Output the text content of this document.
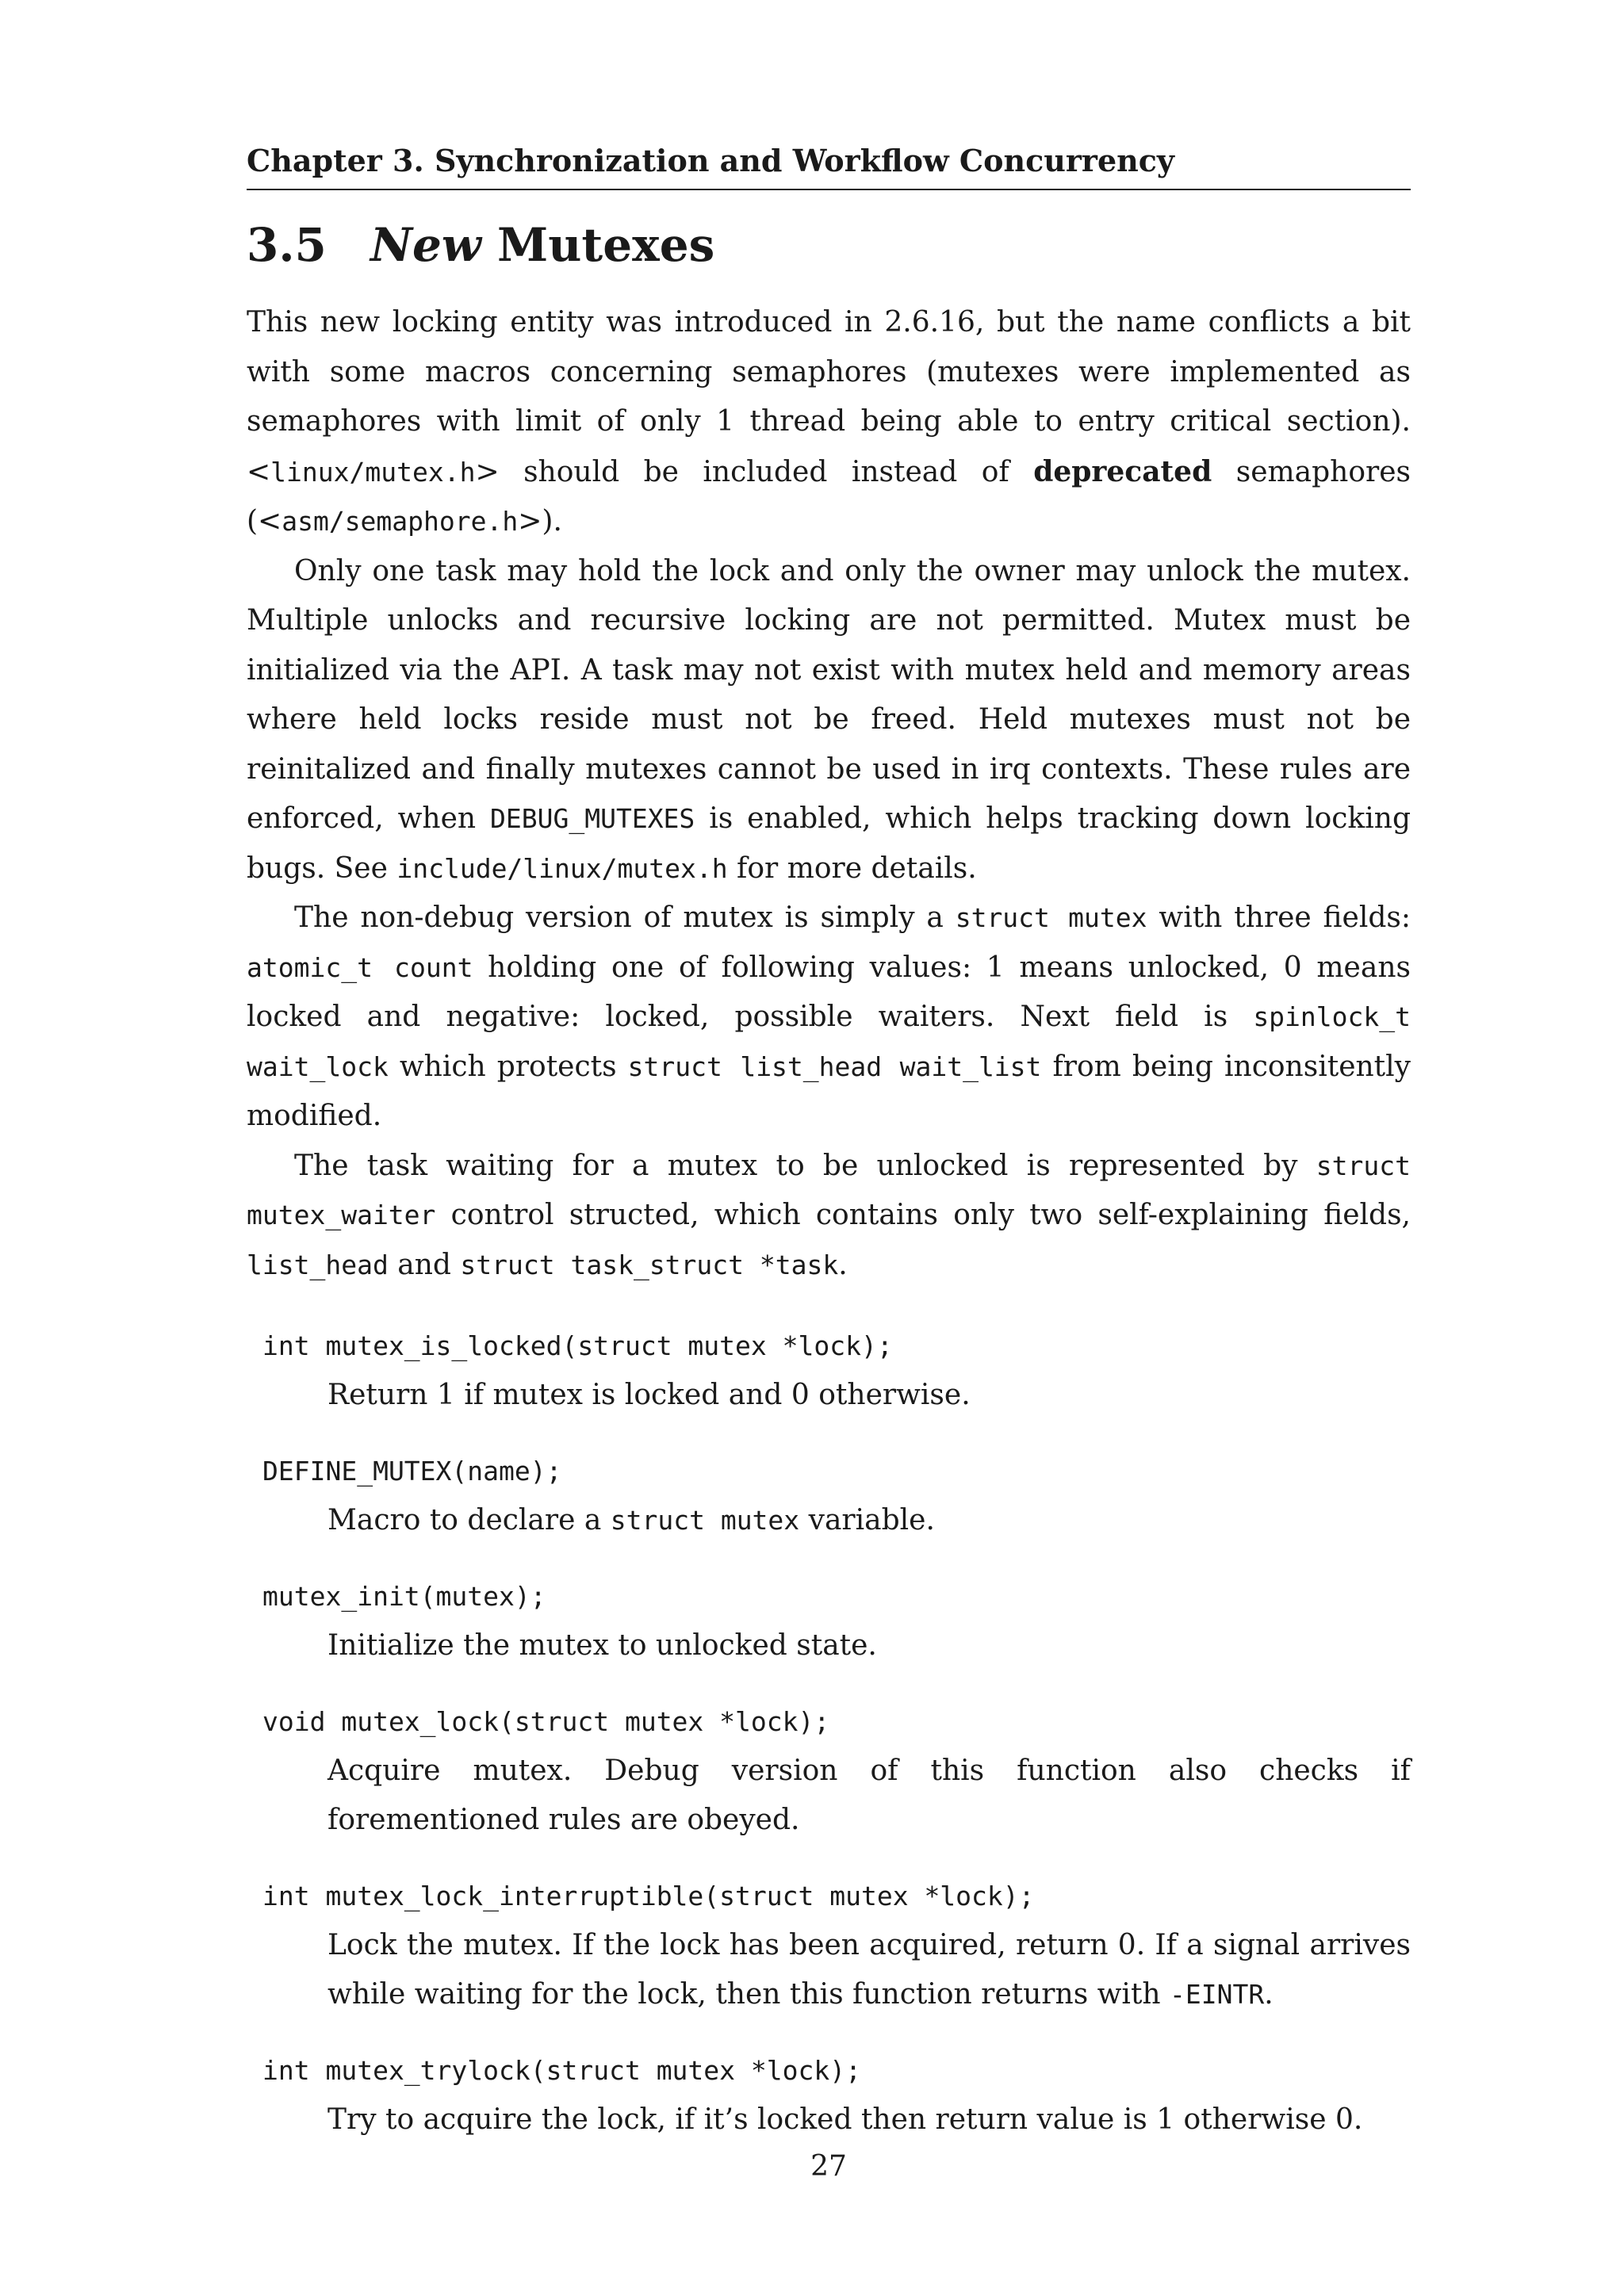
Chapter 3. Synchronization and Workflow Concurrency
3.5 New Mutexes

This new locking entity was introduced in 2.6.16, but the name conflicts a bit with some macros concerning semaphores (mutexes were implemented as semaphores with limit of only 1 thread being able to entry critical section). <linux/mutex.h> should be included instead of deprecated semaphores (<asm/semaphore.h>).

Only one task may hold the lock and only the owner may unlock the mutex. Multiple unlocks and recursive locking are not permitted. Mutex must be initialized via the API. A task may not exist with mutex held and memory areas where held locks reside must not be freed. Held mutexes must not be reinitalized and finally mutexes cannot be used in irq contexts. These rules are enforced, when DEBUG_MUTEXES is enabled, which helps tracking down locking bugs. See include/linux/mutex.h for more details.

The non-debug version of mutex is simply a struct mutex with three fields: atomic_t count holding one of following values: 1 means unlocked, 0 means locked and negative: locked, possible waiters. Next field is spinlock_t wait_lock which protects struct list_head wait_list from being inconsitently modified.

The task waiting for a mutex to be unlocked is represented by struct mutex_waiter control structed, which contains only two self-explaining fields, list_head and struct task_struct *task.

int mutex_is_locked(struct mutex *lock);
Return 1 if mutex is locked and 0 otherwise.
DEFINE_MUTEX(name);
Macro to declare a struct mutex variable.
mutex_init(mutex);
Initialize the mutex to unlocked state.
void mutex_lock(struct mutex *lock);
Acquire mutex. Debug version of this function also checks if forementioned rules are obeyed.
int mutex_lock_interruptible(struct mutex *lock);
Lock the mutex. If the lock has been acquired, return 0. If a signal arrives while waiting for the lock, then this function returns with -EINTR.
int mutex_trylock(struct mutex *lock);
Try to acquire the lock, if it’s locked then return value is 1 otherwise 0.
27
